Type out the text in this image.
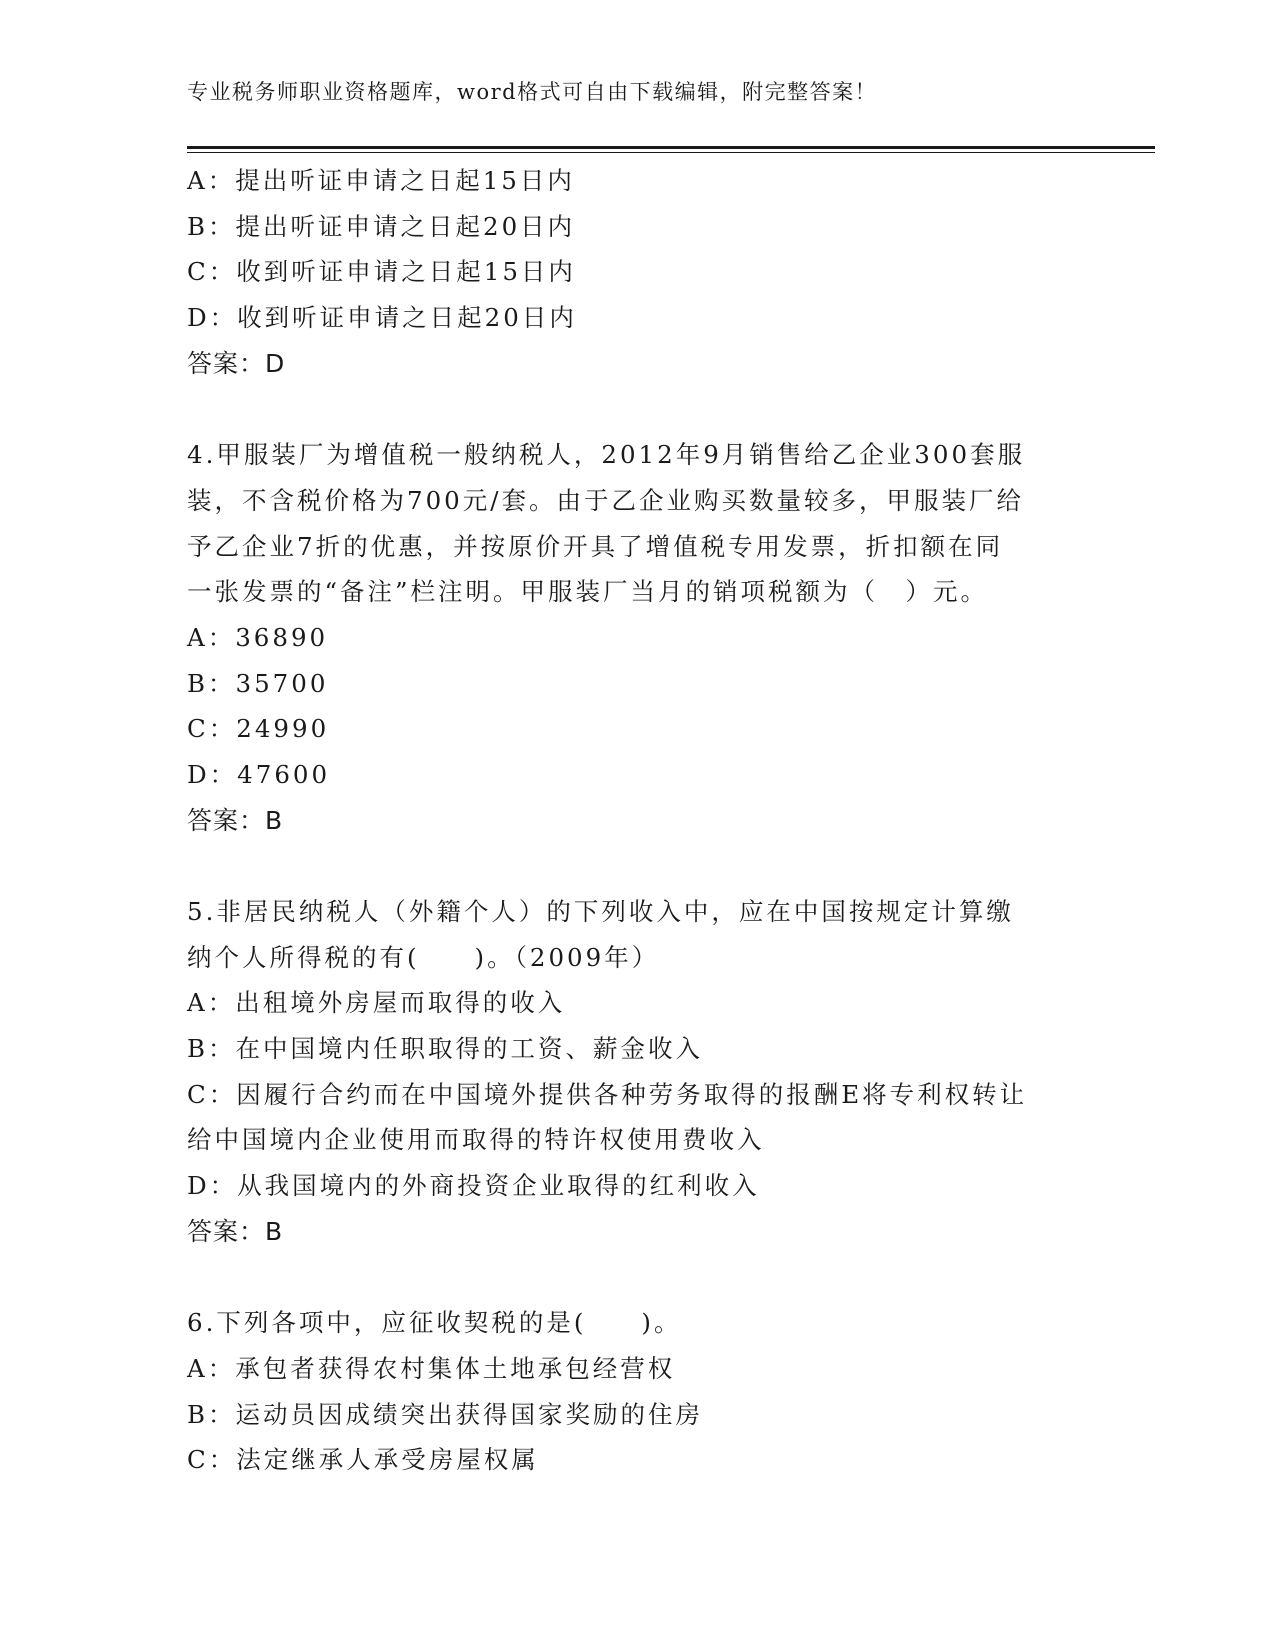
专业税务师职业资格题库，word格式可自由下载编辑，附完整答案！
A：提出听证申请之日起15日内
B：提出听证申请之日起20日内
C：收到听证申请之日起15日内
D：收到听证申请之日起20日内
答案：D
4.甲服装厂为增值税一般纳税人，2012年9月销售给乙企业300套服
装，不含税价格为700元/套。由于乙企业购买数量较多，甲服装厂给
予乙企业7折的优惠，并按原价开具了增值税专用发票，折扣额在同
一张发票的“备注”栏注明。甲服装厂当月的销项税额为（　）元。
A：36890
B：35700
C：24990
D：47600
答案：B
5.非居民纳税人（外籍个人）的下列收入中，应在中国按规定计算缴
纳个人所得税的有(　　)。（2009年）
A：出租境外房屋而取得的收入
B：在中国境内任职取得的工资、薪金收入
C：因履行合约而在中国境外提供各种劳务取得的报酬E将专利权转让
给中国境内企业使用而取得的特许权使用费收入
D：从我国境内的外商投资企业取得的红利收入
答案：B
6.下列各项中，应征收契税的是(　　)。
A：承包者获得农村集体土地承包经营权
B：运动员因成绩突出获得国家奖励的住房
C：法定继承人承受房屋权属
